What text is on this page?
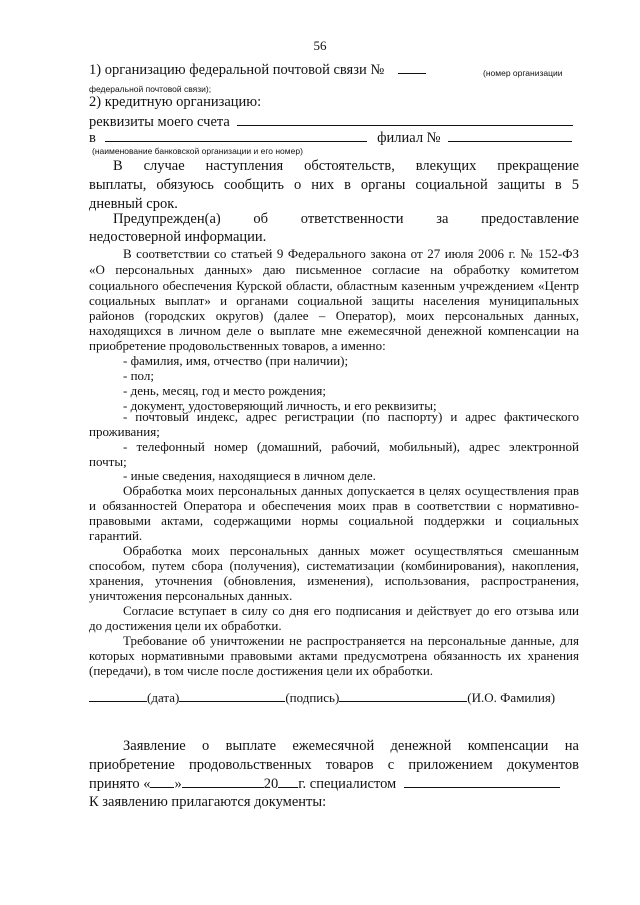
56
1) организацию федеральной почтовой связи №	(номер организации
федеральной почтовой связи);
2) кредитную организацию:
реквизиты моего счета
в	филиал №
(наименование банковской организации и его номер)
В случае наступления обстоятельств, влекущих прекращение
выплаты, обязуюсь сообщить о них в органы социальной защиты в 5
дневный срок.
Предупрежден(а) об ответственности за предоставление
недостоверной информации.
В соответствии со статьей 9 Федерального закона от 27 июля 2006 г. № 152-ФЗ
«О персональных данных» даю письменное согласие на обработку комитетом
социального обеспечения Курской области, областным казенным учреждением «Центр
социальных выплат» и органами социальной защиты населения муниципальных
районов (городских округов) (далее – Оператор), моих персональных данных,
находящихся в личном деле о выплате мне ежемесячной денежной компенсации на
приобретение продовольственных товаров, а именно:
- фамилия, имя, отчество (при наличии);
- пол;
- день, месяц, год и место рождения;
- документ, удостоверяющий личность, и его реквизиты;
- почтовый индекс, адрес регистрации (по паспорту) и адрес фактического
проживания;
- телефонный номер (домашний, рабочий, мобильный), адрес электронной
почты;
- иные сведения, находящиеся в личном деле.
Обработка моих персональных данных допускается в целях осуществления прав
и обязанностей Оператора и обеспечения моих прав в соответствии с нормативно-
правовыми актами, содержащими нормы социальной поддержки и социальных
гарантий.
Обработка моих персональных данных может осуществляться смешанным
способом, путем сбора (получения), систематизации (комбинирования), накопления,
хранения, уточнения (обновления, изменения), использования, распространения,
уничтожения персональных данных.
Согласие вступает в силу со дня его подписания и действует до его отзыва или
до достижения цели их обработки.
Требование об уничтожении не распространяется на персональные данные, для
которых нормативными правовыми актами предусмотрена обязанность их хранения
(передачи), в том числе после достижения цели их обработки.
(дата)	(подпись)	(И.О. Фамилия)
Заявление о выплате ежемесячной денежной компенсации на
приобретение продовольственных товаров с приложением документов
принято « »	20 г. специалистом
К заявлению прилагаются документы:
